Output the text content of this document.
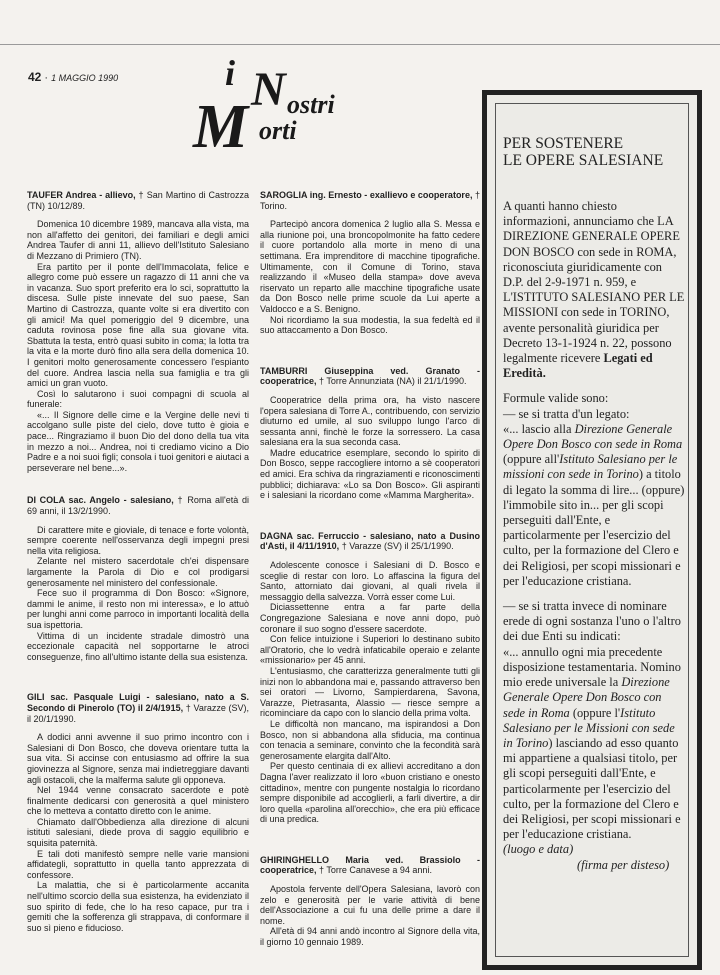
42 · 1 MAGGIO 1990	i N ostri
M orti

TAUFER Andrea - allievo, † San Martino di Castrozza (TN) 10/12/89.

Domenica 10 dicembre 1989, mancava alla vista, ma non all'affetto dei genitori, dei familiari e degli amici Andrea Taufer di anni 11, allievo dell'Istituto Salesiano di Mezzano di Primiero (TN).

Era partito per il ponte dell'Immacolata, felice e allegro come può essere un ragazzo di 11 anni che va in vacanza. Suo sport preferito era lo sci, soprattutto la discesa. Sulle piste innevate del suo paese, San Martino di Castrozza, quante volte si era divertito con gli amici! Ma quel pomeriggio del 9 dicembre, una caduta rovinosa pose fine alla sua giovane vita. Sbattuta la testa, entrò quasi subito in coma; la lotta tra la vita e la morte durò fino alla sera della domenica 10. I genitori molto generosamente concessero l'espianto del cuore. Andrea lascia nella sua famiglia e tra gli amici un gran vuoto.

Così lo salutarono i suoi compagni di scuola al funerale:

«... Il Signore delle cime e la Vergine delle nevi ti accolgano sulle piste del cielo, dove tutto è gioia e pace... Ringraziamo il buon Dio del dono della tua vita in mezzo a noi... Andrea, noi ti crediamo vicino a Dio Padre e a noi suoi figli; consola i tuoi genitori e aiutaci a perseverare nel bene...».

DI COLA sac. Angelo - salesiano, † Roma all'età di 69 anni, il 13/2/1990.

Di carattere mite e gioviale, di tenace e forte volontà, sempre coerente nell'osservanza degli impegni presi nella vita religiosa.

Zelante nel mistero sacerdotale ch'ei dispensare largamente la Parola di Dio e col prodigarsi generosamente nel ministero del confessionale.

Fece suo il programma di Don Bosco: «Signore, dammi le anime, il resto non mi interessa», e lo attuò per lunghi anni come parroco in importanti località della sua ispettoria.

Vittima di un incidente stradale dimostrò una eccezionale capacità nel sopportarne le atroci conseguenze, fino all'ultimo istante della sua esistenza.

GILI sac. Pasquale Luigi - salesiano, nato a S. Secondo di Pinerolo (TO) il 2/4/1915, † Varazze (SV), il 20/1/1990.

A dodici anni avvenne il suo primo incontro con i Salesiani di Don Bosco, che doveva orientare tutta la sua vita. Si accinse con entusiasmo ad offrire la sua giovinezza al Signore, senza mai indietreggiare davanti agli ostacoli, che la malferma salute gli opponeva.

Nel 1944 venne consacrato sacerdote e potè finalmente dedicarsi con generosità a quel ministero che lo metteva a contatto diretto con le anime.

Chiamato dall'Obbedienza alla direzione di alcuni istituti salesiani, diede prova di saggio equilibrio e squisita paternità.

E tali doti manifestò sempre nelle varie mansioni affidategli, soprattutto in quella tanto apprezzata di confessore.

La malattia, che si è particolarmente accanita nell'ultimo scorcio della sua esistenza, ha evidenziato il suo spirito di fede, che lo ha reso capace, pur tra i gemiti che la sofferenza gli strappava, di conformare il suo sì pieno e fiducioso.

SAROGLIA ing. Ernesto - exallievo e cooperatore, † Torino.

Partecipò ancora domenica 2 luglio alla S. Messa e alla riunione poi, una broncopolmonite ha fatto cedere il cuore portandolo alla morte in meno di una settimana. Era imprenditore di macchine tipografiche. Ultimamente, con il Comune di Torino, stava realizzando il «Museo della stampa» dove aveva riservato un reparto alle macchine tipografiche usate da Don Bosco nelle prime scuole da Lui aperte a Valdocco e a S. Benigno.

Noi ricordiamo la sua modestia, la sua fedeltà ed il suo attaccamento a Don Bosco.

TAMBURRI Giuseppina ved. Granato - cooperatrice, † Torre Annunziata (NA) il 21/1/1990.

Cooperatrice della prima ora, ha visto nascere l'opera salesiana di Torre A., contribuendo, con servizio diuturno ed umile, al suo sviluppo lungo l'arco di sessanta anni, finchè le forze la sorressero. La casa salesiana era la sua seconda casa.

Madre educatrice esemplare, secondo lo spirito di Don Bosco, seppe raccogliere intorno a sè cooperatori ed amici. Era schiva da ringraziamenti e riconoscimenti pubblici; dichiarava: «Lo sa Don Bosco». Gli aspiranti e i salesiani la ricordano come «Mamma Margherita».

DAGNA sac. Ferruccio - salesiano, nato a Dusino d'Asti, il 4/11/1910, † Varazze (SV) il 25/1/1990.

Adolescente conosce i Salesiani di D. Bosco e sceglie di restar con loro. Lo affascina la figura del Santo, attorniato dai giovani, al quali rivela il messaggio della salvezza. Vorrà esser come Lui.

Diciassettenne entra a far parte della Congregazione Salesiana e nove anni dopo, può coronare il suo sogno d'essere sacerdote.

Con felice intuizione i Superiori lo destinano subito all'Oratorio, che lo vedrà infaticabile operaio e zelante «missionario» per 45 anni.

L'entusiasmo, che caratterizza generalmente tutti gli inizi non lo abbandona mai e, passando attraverso ben sei oratori — Livorno, Sampierdarena, Savona, Varazze, Pietrasanta, Alassio — riesce sempre a ricominciare da capo con lo slancio della prima volta.

Le difficoltà non mancano, ma ispirandosi a Don Bosco, non si abbandona alla sfiducia, ma continua con tenacia a seminare, convinto che la fecondità sarà generosamente elargita dall'Alto.

Per questo centinaia di ex allievi accreditano a don Dagna l'aver realizzato il loro «buon cristiano e onesto cittadino», mentre con pungente nostalgia lo ricordano sempre disponibile ad accoglierli, a farli divertire, a dir loro quella «parolina all'orecchio», che era più efficace di una predica.

GHIRINGHELLO Maria ved. Brassiolo - cooperatrice, † Torre Canavese a 94 anni.

Apostola fervente dell'Opera Salesiana, lavorò con zelo e generosità per le varie attività di bene dell'Associazione a cui fu una delle prime a dare il nome.

All'età di 94 anni andò incontro al Signore della vita, il giorno 10 gennaio 1989.

PER SOSTENERE
LE OPERE SALESIANE

A quanti hanno chiesto informazioni, annunciamo che LA DIREZIONE GENERALE OPERE DON BOSCO con sede in ROMA, riconosciuta giuridicamente con D.P. del 2-9-1971 n. 959, e L'ISTITUTO SALESIANO PER LE MISSIONI con sede in TORINO, avente personalità giuridica per Decreto 13-1-1924 n. 22, possono legalmente ricevere Legati ed Eredità.

Formule valide sono:

— se si tratta d'un legato:

«... lascio alla Direzione Generale Opere Don Bosco con sede in Roma (oppure all'Istituto Salesiano per le missioni con sede in Torino) a titolo di legato la somma di lire... (oppure) l'immobile sito in... per gli scopi perseguiti dall'Ente, e particolarmente per l'esercizio del culto, per la formazione del Clero e dei Religiosi, per scopi missionari e per l'educazione cristiana.

— se si tratta invece di nominare erede di ogni sostanza l'uno o l'altro dei due Enti su indicati:

«... annullo ogni mia precedente disposizione testamentaria. Nomino mio erede universale la Direzione Generale Opere Don Bosco con sede in Roma (oppure l'Istituto Salesiano per le Missioni con sede in Torino) lasciando ad esso quanto mi appartiene a qualsiasi titolo, per gli scopi perseguiti dall'Ente, e particolarmente per l'esercizio del culto, per la formazione del Clero e dei Religiosi, per scopi missionari e per l'educazione cristiana.

(luogo e data)

(firma per disteso)
